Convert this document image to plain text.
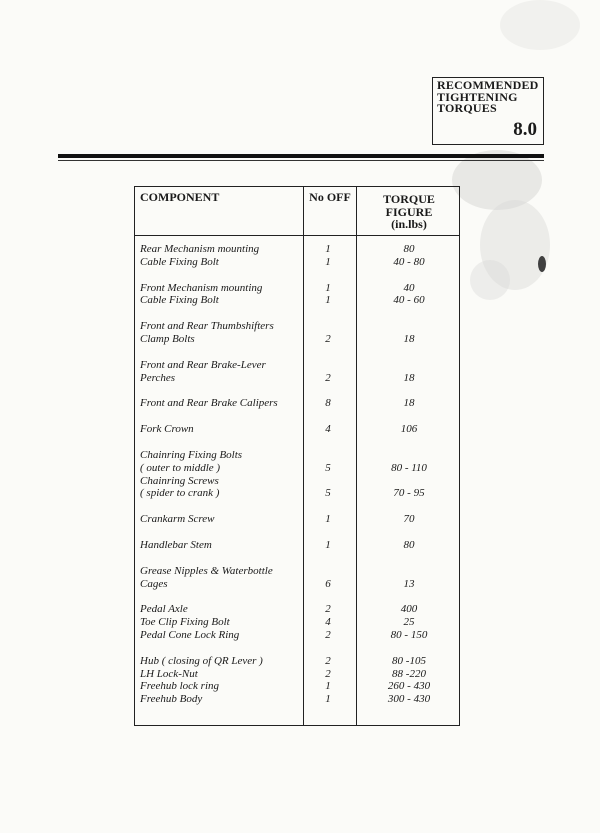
RECOMMENDED
TIGHTENING
TORQUES
8.0
COMPONENT	No OFF	TORQUE
FIGURE
(in.lbs)
Rear Mechanism mounting	1	80
Cable Fixing Bolt	1	40 - 80
Front Mechanism mounting	1	40
Cable Fixing Bolt	1	40 - 60
Front and Rear Thumbshifters
Clamp Bolts	2	18
Front and Rear Brake-Lever
Perches	2	18
Front and Rear Brake Calipers	8	18
Fork Crown	4	106
Chainring Fixing Bolts
( outer to middle )	5	80 - 110
Chainring Screws
( spider to crank )	5	70 - 95
Crankarm Screw	1	70
Handlebar Stem	1	80
Grease Nipples & Waterbottle
Cages	6	13
Pedal Axle	2	400
Toe Clip Fixing Bolt	4	25
Pedal Cone Lock Ring	2	80 - 150
Hub ( closing of QR Lever )	2	80 -105
LH Lock-Nut	2	88 -220
Freehub lock ring	1	260 - 430
Freehub Body	1	300 - 430
